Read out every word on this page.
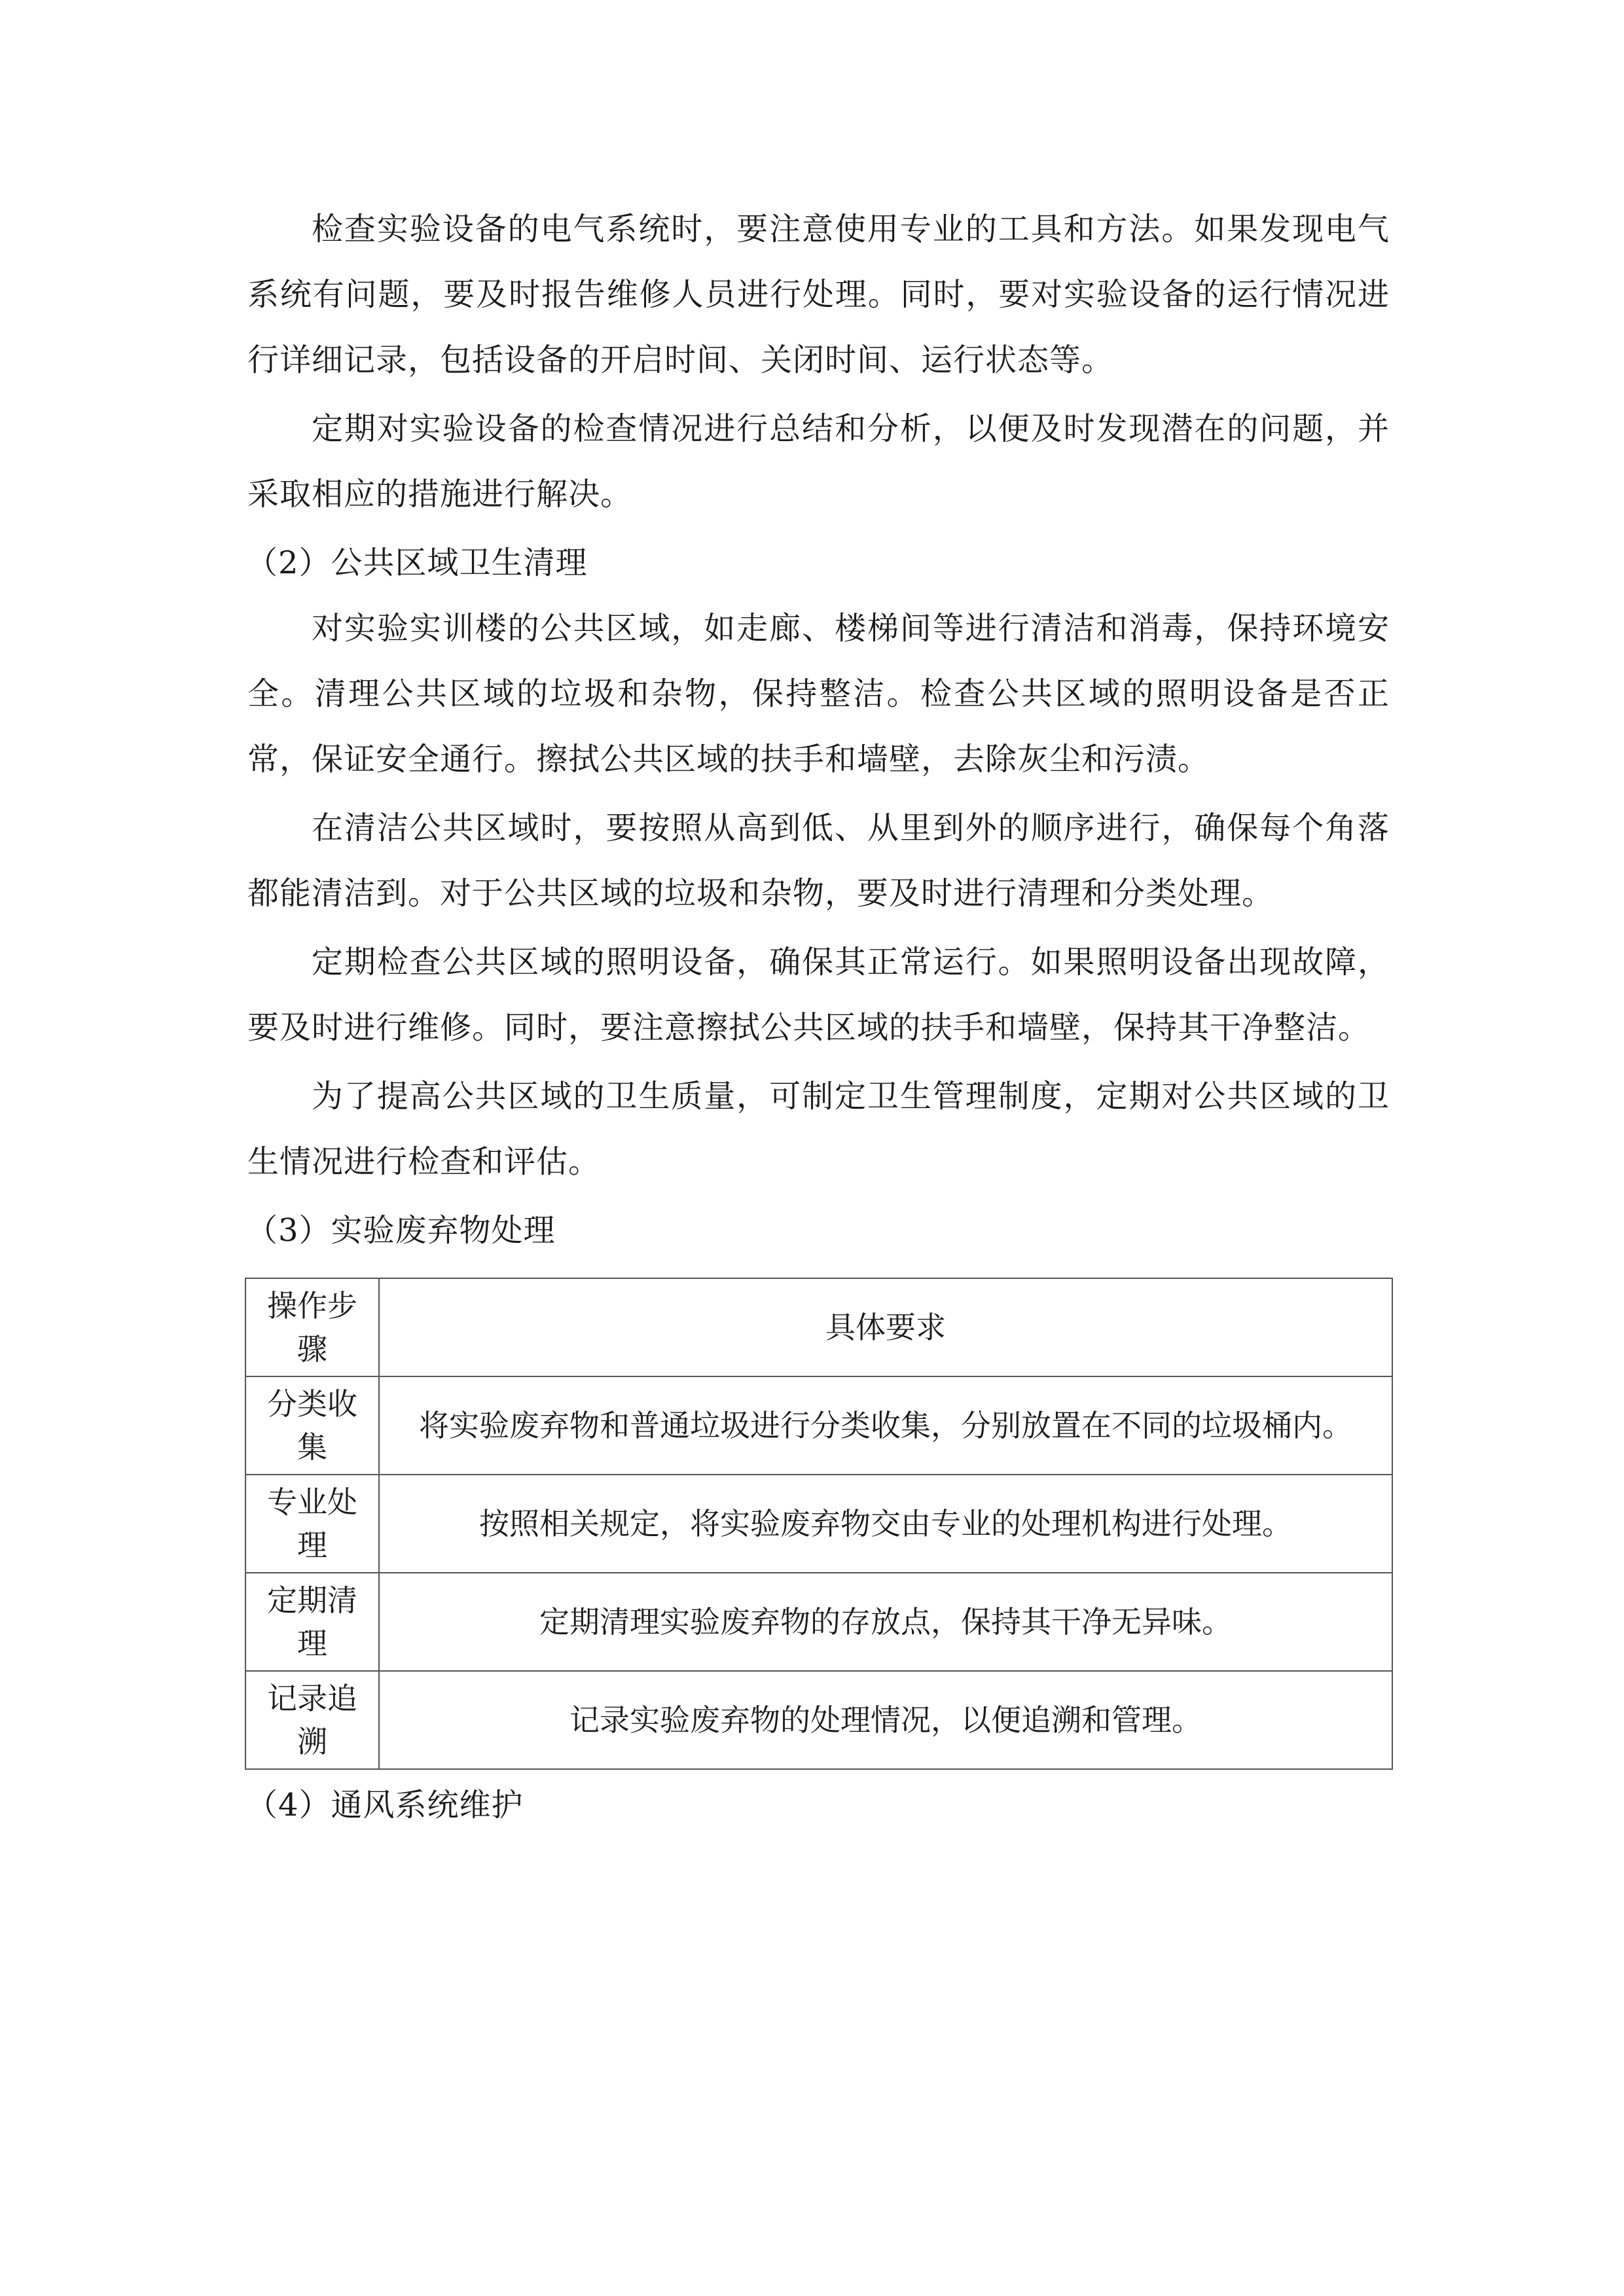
检查实验设备的电气系统时，要注意使用专业的工具和方法。如果发现电气系统有问题，要及时报告维修人员进行处理。同时，要对实验设备的运行情况进行详细记录，包括设备的开启时间、关闭时间、运行状态等。

定期对实验设备的检查情况进行总结和分析，以便及时发现潜在的问题，并采取相应的措施进行解决。

（2）公共区域卫生清理

对实验实训楼的公共区域，如走廊、楼梯间等进行清洁和消毒，保持环境安全。清理公共区域的垃圾和杂物，保持整洁。检查公共区域的照明设备是否正常，保证安全通行。擦拭公共区域的扶手和墙壁，去除灰尘和污渍。

在清洁公共区域时，要按照从高到低、从里到外的顺序进行，确保每个角落都能清洁到。对于公共区域的垃圾和杂物，要及时进行清理和分类处理。

定期检查公共区域的照明设备，确保其正常运行。如果照明设备出现故障，要及时进行维修。同时，要注意擦拭公共区域的扶手和墙壁，保持其干净整洁。

为了提高公共区域的卫生质量，可制定卫生管理制度，定期对公共区域的卫生情况进行检查和评估。

（3）实验废弃物处理

操作步骤	具体要求
分类收集	将实验废弃物和普通垃圾进行分类收集，分别放置在不同的垃圾桶内。
专业处理	按照相关规定，将实验废弃物交由专业的处理机构进行处理。
定期清理	定期清理实验废弃物的存放点，保持其干净无异味。
记录追溯	记录实验废弃物的处理情况，以便追溯和管理。

（4）通风系统维护
